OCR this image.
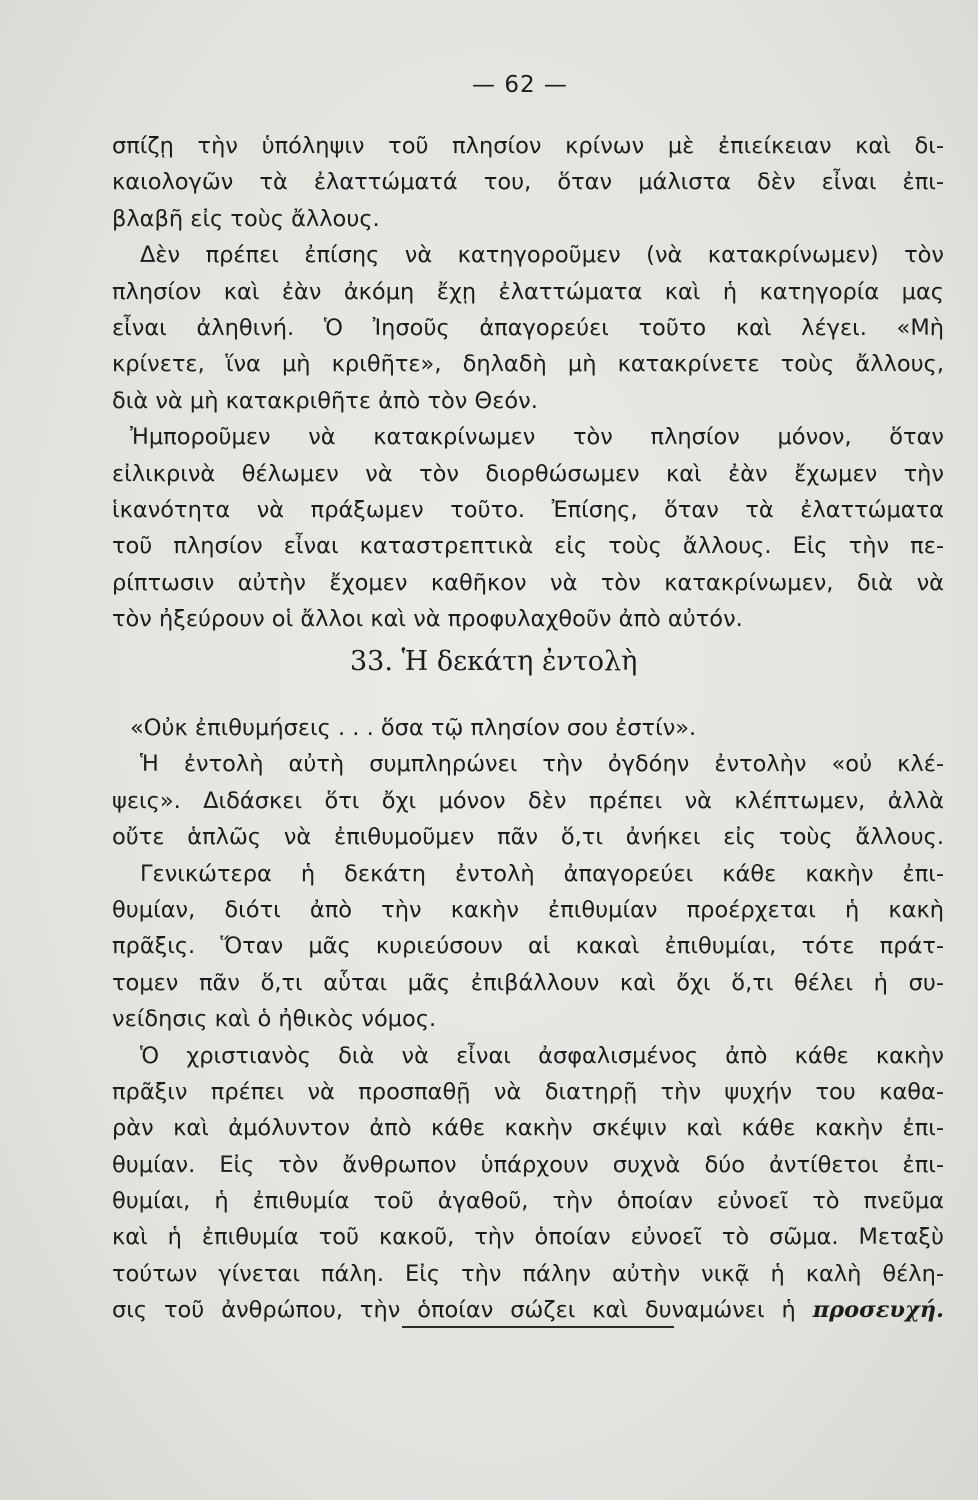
— 62 —
σπίζῃ τὴν ὑπόληψιν τοῦ πλησίον κρίνων μὲ ἐπιείκειαν καὶ δι-
καιολογῶν τὰ ἐλαττώματά του, ὅταν μάλιστα δὲν εἶναι ἐπι-
βλαβῆ εἰς τοὺς ἄλλους.
Δὲν πρέπει ἐπίσης νὰ κατηγοροῦμεν (νὰ κατακρίνωμεν) τὸν
πλησίον καὶ ἐὰν ἀκόμη ἔχῃ ἐλαττώματα καὶ ἡ κατηγορία μας
εἶναι ἀληθινή. Ὁ Ἰησοῦς ἀπαγορεύει τοῦτο καὶ λέγει. «Μὴ
κρίνετε, ἵνα μὴ κριθῆτε», δηλαδὴ μὴ κατακρίνετε τοὺς ἄλλους,
διὰ νὰ μὴ κατακριθῆτε ἀπὸ τὸν Θεόν.
Ἠμποροῦμεν νὰ κατακρίνωμεν τὸν πλησίον μόνον, ὅταν
εἰλικρινὰ θέλωμεν νὰ τὸν διορθώσωμεν καὶ ἐὰν ἔχωμεν τὴν
ἱκανότητα νὰ πράξωμεν τοῦτο. Ἐπίσης, ὅταν τὰ ἐλαττώματα
τοῦ πλησίον εἶναι καταστρεπτικὰ εἰς τοὺς ἄλλους. Εἰς τὴν πε-
ρίπτωσιν αὐτὴν ἔχομεν καθῆκον νὰ τὸν κατακρίνωμεν, διὰ νὰ
τὸν ἠξεύρουν οἱ ἄλλοι καὶ νὰ προφυλαχθοῦν ἀπὸ αὐτόν.
33. Ἡ δεκάτη ἐντολὴ
«Οὐκ ἐπιθυμήσεις . . . ὅσα τῷ πλησίον σου ἐστίν».
Ἡ ἐντολὴ αὐτὴ συμπληρώνει τὴν ὀγδόην ἐντολὴν «οὐ κλέ-
ψεις». Διδάσκει ὅτι ὄχι μόνον δὲν πρέπει νὰ κλέπτωμεν, ἀλλὰ
οὔτε ἁπλῶς νὰ ἐπιθυμοῦμεν πᾶν ὅ,τι ἀνήκει εἰς τοὺς ἄλλους.
Γενικώτερα ἡ δεκάτη ἐντολὴ ἀπαγορεύει κάθε κακὴν ἐπι-
θυμίαν, διότι ἀπὸ τὴν κακὴν ἐπιθυμίαν προέρχεται ἡ κακὴ
πρᾶξις. Ὅταν μᾶς κυριεύσουν αἱ κακαὶ ἐπιθυμίαι, τότε πράτ-
τομεν πᾶν ὅ,τι αὗται μᾶς ἐπιβάλλουν καὶ ὄχι ὅ,τι θέλει ἡ συ-
νείδησις καὶ ὁ ἠθικὸς νόμος.
Ὁ χριστιανὸς διὰ νὰ εἶναι ἀσφαλισμένος ἀπὸ κάθε κακὴν
πρᾶξιν πρέπει νὰ προσπαθῇ νὰ διατηρῇ τὴν ψυχήν του καθα-
ρὰν καὶ ἀμόλυντον ἀπὸ κάθε κακὴν σκέψιν καὶ κάθε κακὴν ἐπι-
θυμίαν. Εἰς τὸν ἄνθρωπον ὑπάρχουν συχνὰ δύο ἀντίθετοι ἐπι-
θυμίαι, ἡ ἐπιθυμία τοῦ ἀγαθοῦ, τὴν ὁποίαν εὐνοεῖ τὸ πνεῦμα
καὶ ἡ ἐπιθυμία τοῦ κακοῦ, τὴν ὁποίαν εὐνοεῖ τὸ σῶμα. Μεταξὺ
τούτων γίνεται πάλη. Εἰς τὴν πάλην αὐτὴν νικᾷ ἡ καλὴ θέλη-
σις τοῦ ἀνθρώπου, τὴν ὁποίαν σώζει καὶ δυναμώνει ἡ προσευχή.
